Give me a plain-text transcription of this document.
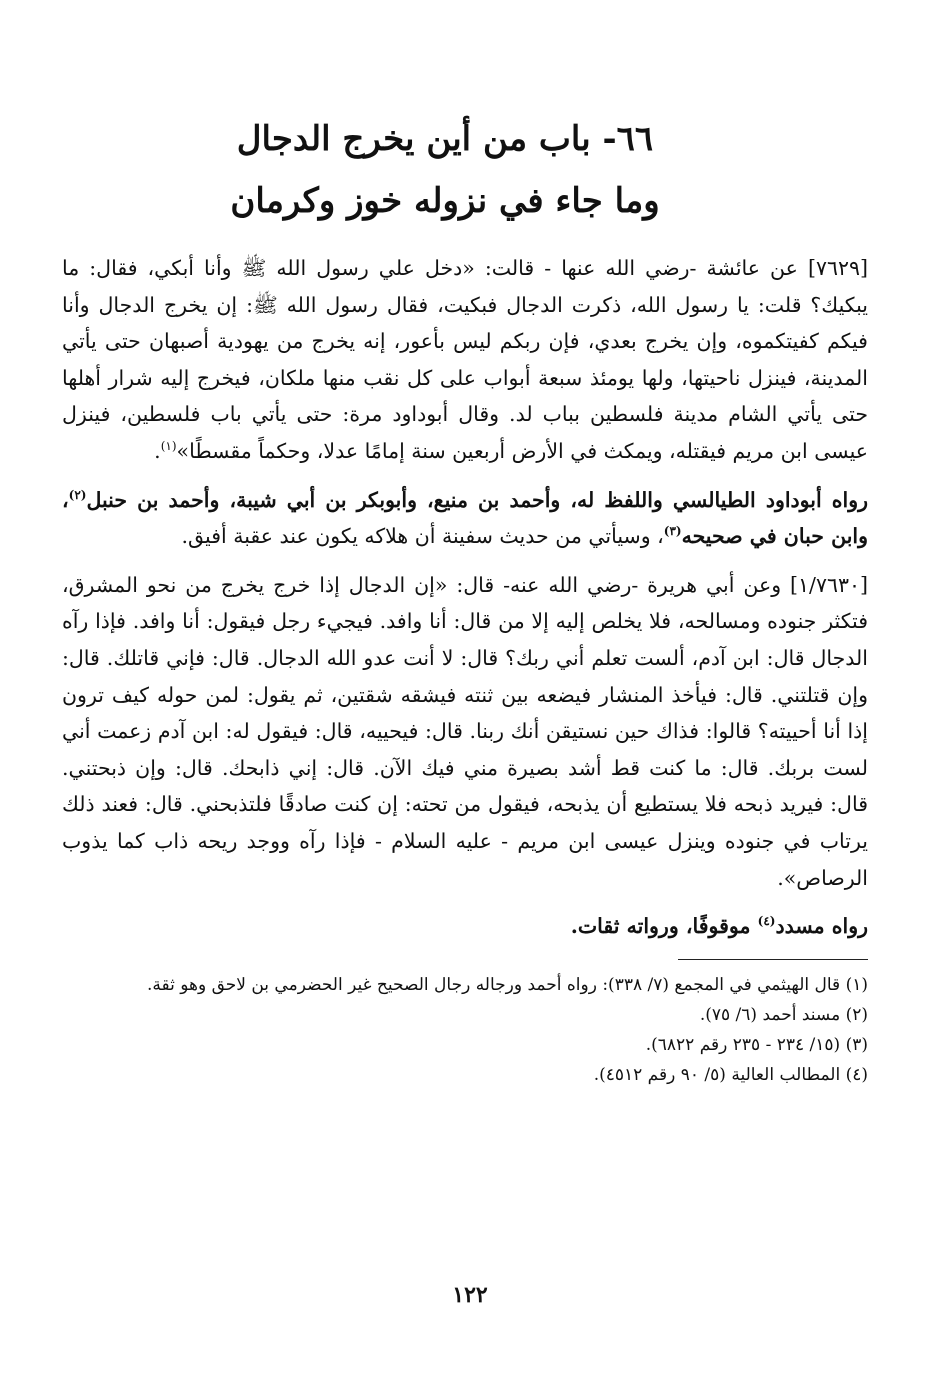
٦٦- باب من أين يخرج الدجال
وما جاء في نزوله خوز وكرمان

[٧٦٢٩] عن عائشة -رضي الله عنها - قالت: «دخل علي رسول الله ﷺ وأنا أبكي، فقال: ما يبكيك؟ قلت: يا رسول الله، ذكرت الدجال فبكيت، فقال رسول الله ﷺ: إن يخرج الدجال وأنا فيكم كفيتكموه، وإن يخرج بعدي، فإن ربكم ليس بأعور، إنه يخرج من يهودية أصبهان حتى يأتي المدينة، فينزل ناحيتها، ولها يومئذ سبعة أبواب على كل نقب منها ملكان، فيخرج إليه شرار أهلها حتى يأتي الشام مدينة فلسطين بباب لد. وقال أبوداود مرة: حتى يأتي باب فلسطين، فينزل عيسى ابن مريم فيقتله، ويمكث في الأرض أربعين سنة إمامًا عدلا، وحكماً مقسطًا»$^{(١)}$.

رواه أبوداود الطيالسي واللفظ له، وأحمد بن منيع، وأبوبكر بن أبي شيبة، وأحمد بن حنبل$^{(٢)}$، وابن حبان في صحيحه$^{(٣)}$، وسيأتي من حديث سفينة أن هلاكه يكون عند عقبة أفيق.

[١/٧٦٣٠] وعن أبي هريرة -رضي الله عنه- قال: «إن الدجال إذا خرج يخرج من نحو المشرق، فتكثر جنوده ومسالحه، فلا يخلص إليه إلا من قال: أنا وافد. فيجيء رجل فيقول: أنا وافد. فإذا رآه الدجال قال: ابن آدم، ألست تعلم أني ربك؟ قال: لا أنت عدو الله الدجال. قال: فإني قاتلك. قال: وإن قتلتني. قال: فيأخذ المنشار فيضعه بين ثنته فيشقه شقتين، ثم يقول: لمن حوله كيف ترون إذا أنا أحييته؟ قالوا: فذاك حين نستيقن أنك ربنا. قال: فيحييه، قال: فيقول له: ابن آدم زعمت أني لست بربك. قال: ما كنت قط أشد بصيرة مني فيك الآن. قال: إني ذابحك. قال: وإن ذبحتني. قال: فيريد ذبحه فلا يستطيع أن يذبحه، فيقول من تحته: إن كنت صادقًا فلتذبحني. قال: فعند ذلك يرتاب في جنوده وينزل عيسى ابن مريم - عليه السلام - فإذا رآه ووجد ريحه ذاب كما يذوب الرصاص».

رواه مسدد$^{(٤)}$ موقوفًا، ورواته ثقات.

(١) قال الهيثمي في المجمع (٧/ ٣٣٨): رواه أحمد ورجاله رجال الصحيح غير الحضرمي بن لاحق وهو ثقة.

(٢) مسند أحمد (٦/ ٧٥).

(٣) (١٥/ ٢٣٤ - ٢٣٥ رقم ٦٨٢٢).

(٤) المطالب العالية (٥/ ٩٠ رقم ٤٥١٢).

١٢٢
